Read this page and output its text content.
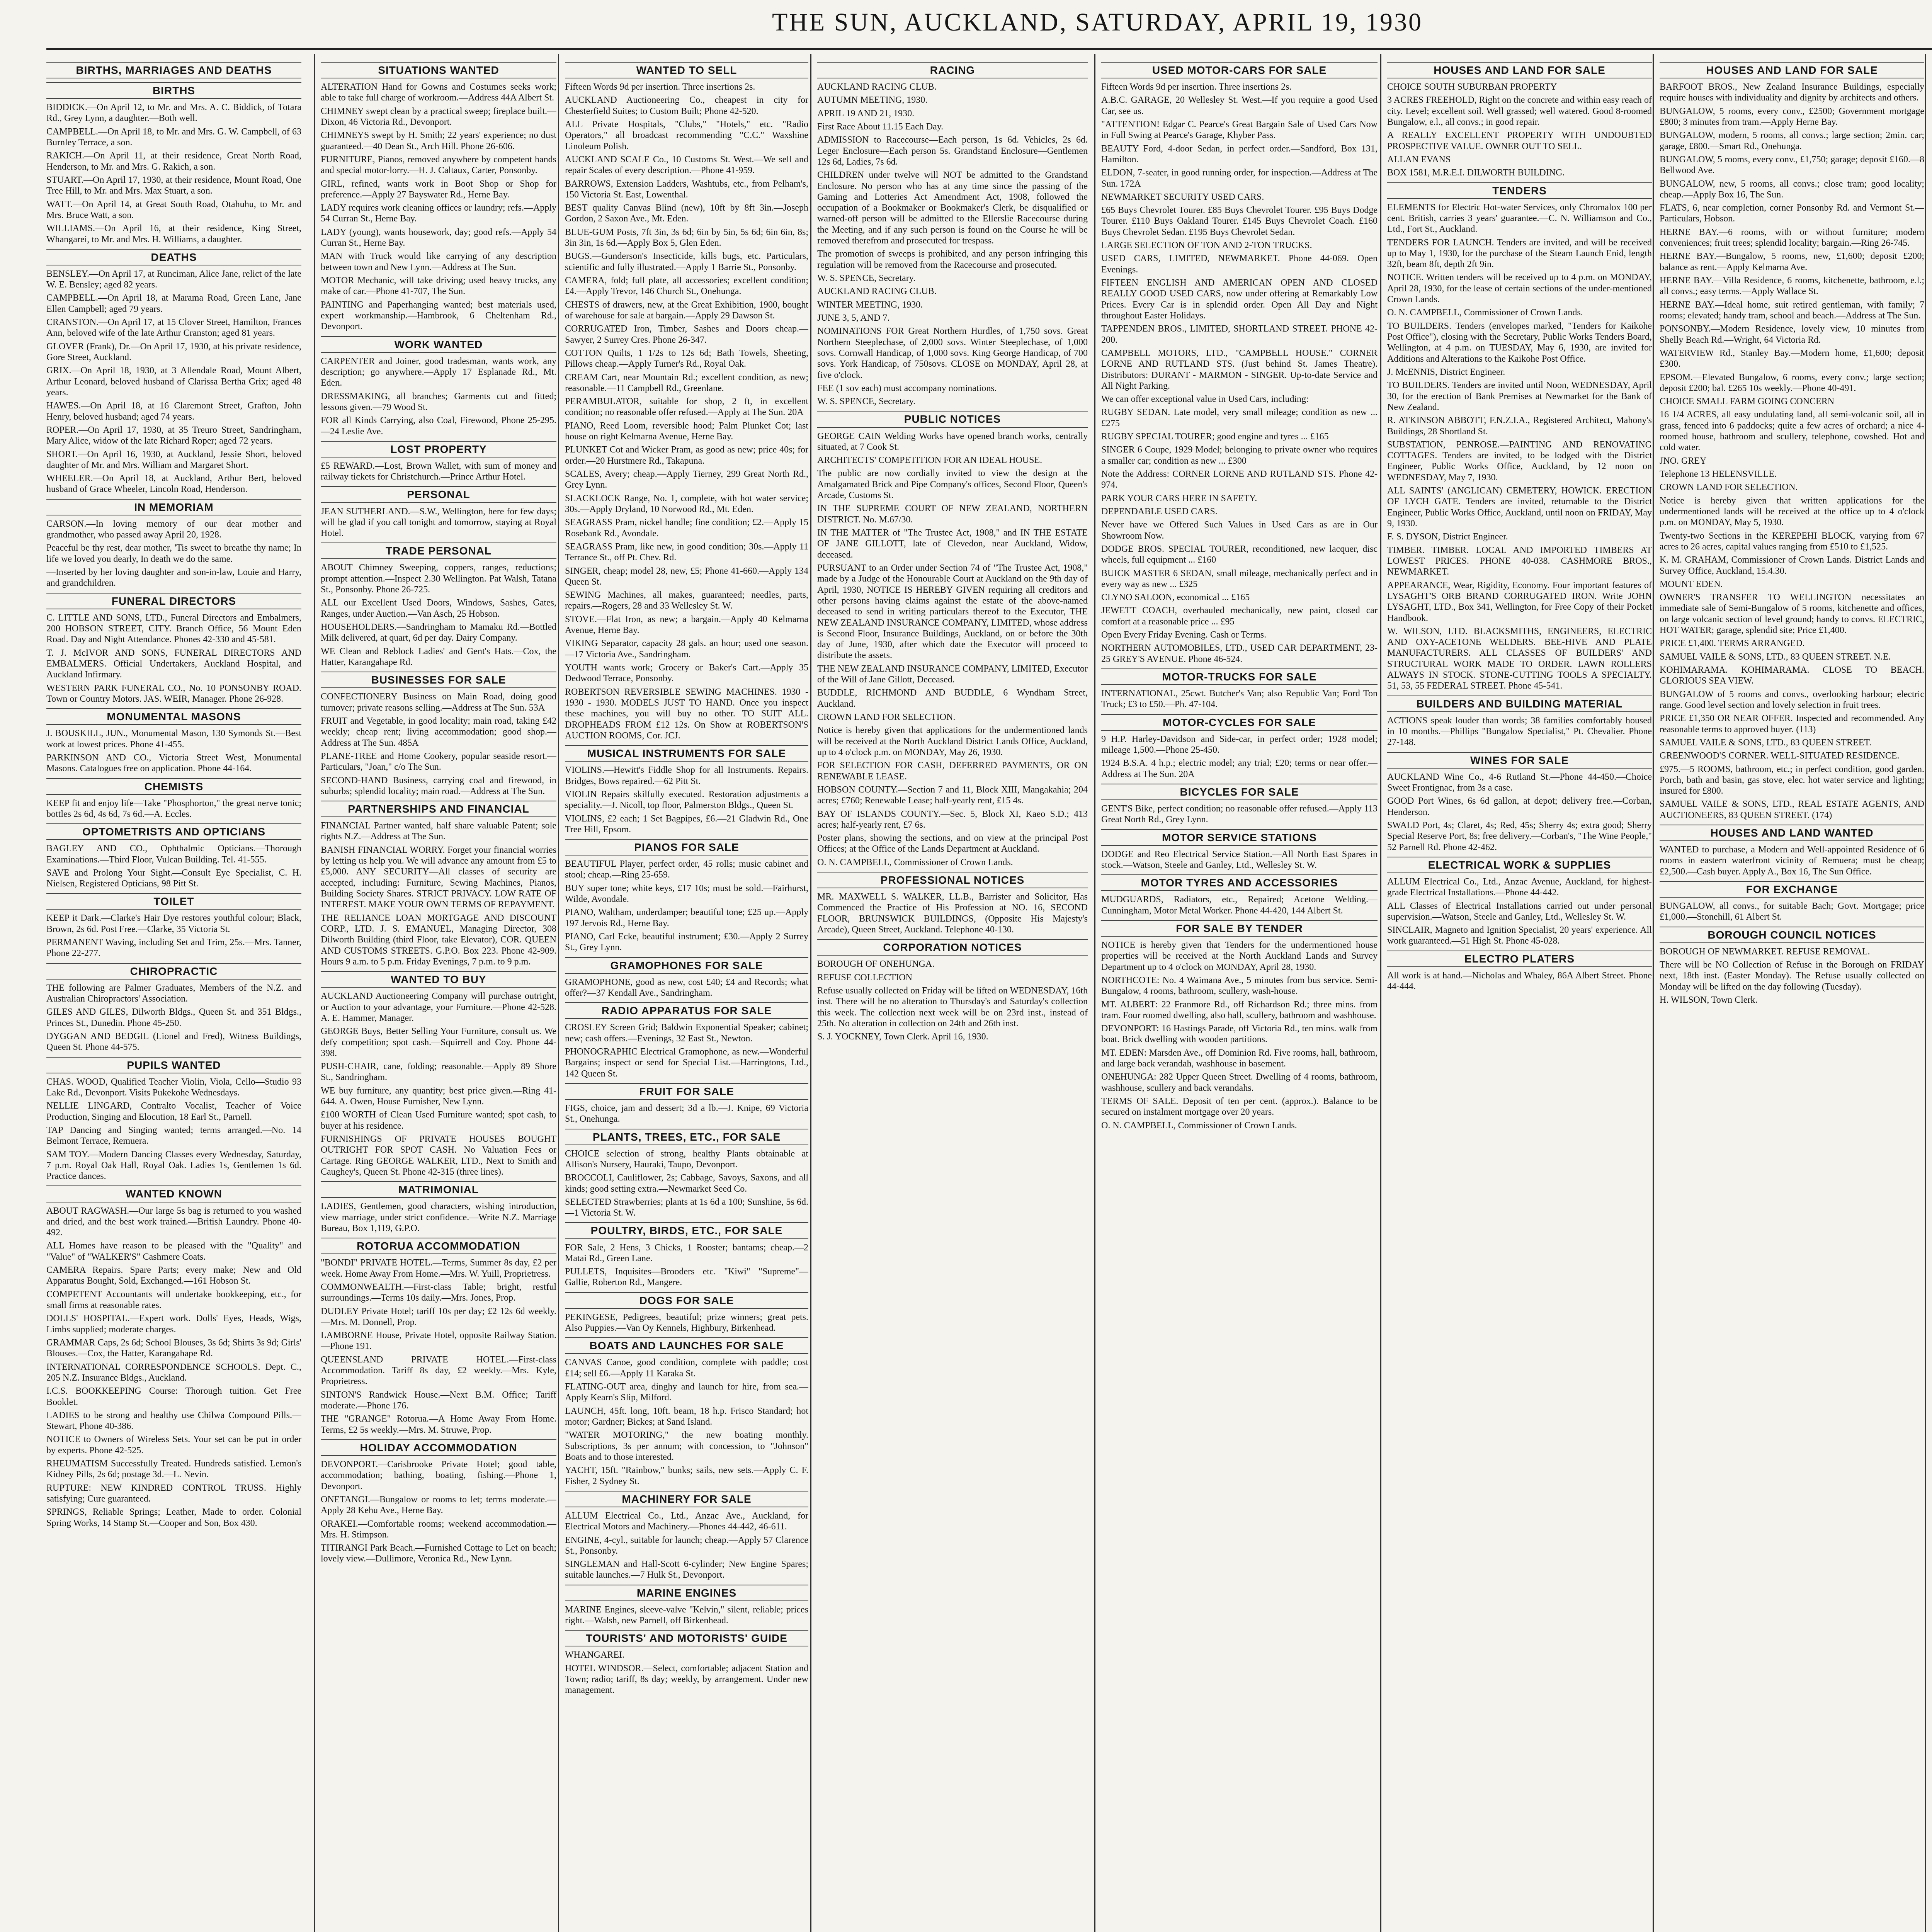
THE SUN, AUCKLAND, SATURDAY, APRIL 19, 1930
BIRTHS, MARRIAGES AND DEATHS
BIRTHS
BIDDICK.—On April 12, to Mr. and Mrs. A. C. Biddick, of Totara Rd., Grey Lynn, a daughter.—Both well.
CAMPBELL.—On April 18, to Mr. and Mrs. G. W. Campbell, of 63 Burnley Terrace, a son.
RAKICH.—On April 11, at their residence, Great North Road, Henderson, to Mr. and Mrs. G. Rakich, a son.
STUART.—On April 17, 1930, at their residence, Mount Road, One Tree Hill, to Mr. and Mrs. Max Stuart, a son.
WATT.—On April 14, at Great South Road, Otahuhu, to Mr. and Mrs. Bruce Watt, a son.
WILLIAMS.—On April 16, at their residence, King Street, Whangarei, to Mr. and Mrs. H. Williams, a daughter.
DEATHS
BENSLEY.—On April 17, at Runciman, Alice Jane, relict of the late W. E. Bensley; aged 82 years.
CAMPBELL.—On April 18, at Marama Road, Green Lane, Jane Ellen Campbell; aged 79 years.
CRANSTON.—On April 17, at 15 Clover Street, Hamilton, Frances Ann, beloved wife of the late Arthur Cranston; aged 81 years.
GLOVER (Frank), Dr.—On April 17, 1930, at his private residence, Gore Street, Auckland.
GRIX.—On April 18, 1930, at 3 Allendale Road, Mount Albert, Arthur Leonard, beloved husband of Clarissa Bertha Grix; aged 48 years.
HAWES.—On April 18, at 16 Claremont Street, Grafton, John Henry, beloved husband; aged 74 years.
ROPER.—On April 17, 1930, at 35 Treuro Street, Sandringham, Mary Alice, widow of the late Richard Roper; aged 72 years.
SHORT.—On April 16, 1930, at Auckland, Jessie Short, beloved daughter of Mr. and Mrs. William and Margaret Short.
WHEELER.—On April 18, at Auckland, Arthur Bert, beloved husband of Grace Wheeler, Lincoln Road, Henderson.
IN MEMORIAM
CARSON.—In loving memory of our dear mother and grandmother, who passed away April 20, 1928.
Peaceful be thy rest, dear mother, 'Tis sweet to breathe thy name; In life we loved you dearly, In death we do the same.
—Inserted by her loving daughter and son-in-law, Louie and Harry, and grandchildren.
FUNERAL DIRECTORS
C. LITTLE AND SONS, LTD., Funeral Directors and Embalmers, 200 HOBSON STREET, CITY. Branch Office, 56 Mount Eden Road. Day and Night Attendance. Phones 42-330 and 45-581.
T. J. McIVOR AND SONS, FUNERAL DIRECTORS AND EMBALMERS. Official Undertakers, Auckland Hospital, and Auckland Infirmary.
WESTERN PARK FUNERAL CO., No. 10 PONSONBY ROAD. Town or Country Motors. JAS. WEIR, Manager. Phone 26-928.
MONUMENTAL MASONS
J. BOUSKILL, JUN., Monumental Mason, 130 Symonds St.—Best work at lowest prices. Phone 41-455.
PARKINSON AND CO., Victoria Street West, Monumental Masons. Catalogues free on application. Phone 44-164.
CHEMISTS
KEEP fit and enjoy life—Take "Phosphorton," the great nerve tonic; bottles 2s 6d, 4s 6d, 7s 6d.—A. Eccles.
OPTOMETRISTS AND OPTICIANS
BAGLEY AND CO., Ophthalmic Opticians.—Thorough Examinations.—Third Floor, Vulcan Building. Tel. 41-555.
SAVE and Prolong Your Sight.—Consult Eye Specialist, C. H. Nielsen, Registered Opticians, 98 Pitt St.
TOILET
KEEP it Dark.—Clarke's Hair Dye restores youthful colour; Black, Brown, 2s 6d. Post Free.—Clarke, 35 Victoria St.
PERMANENT Waving, including Set and Trim, 25s.—Mrs. Tanner, Phone 22-277.
CHIROPRACTIC
THE following are Palmer Graduates, Members of the N.Z. and Australian Chiropractors' Association.
GILES AND GILES, Dilworth Bldgs., Queen St. and 351 Bldgs., Princes St., Dunedin. Phone 45-250.
DYGGAN AND BEDGIL (Lionel and Fred), Witness Buildings, Queen St. Phone 44-575.
PUPILS WANTED
CHAS. WOOD, Qualified Teacher Violin, Viola, Cello—Studio 93 Lake Rd., Devonport. Visits Pukekohe Wednesdays.
NELLIE LINGARD, Contralto Vocalist, Teacher of Voice Production, Singing and Elocution, 18 Earl St., Parnell.
TAP Dancing and Singing wanted; terms arranged.—No. 14 Belmont Terrace, Remuera.
SAM TOY.—Modern Dancing Classes every Wednesday, Saturday, 7 p.m. Royal Oak Hall, Royal Oak. Ladies 1s, Gentlemen 1s 6d. Practice dances.
WANTED KNOWN
ABOUT RAGWASH.—Our large 5s bag is returned to you washed and dried, and the best work trained.—British Laundry. Phone 40-492.
ALL Homes have reason to be pleased with the "Quality" and "Value" of "WALKER'S" Cashmere Coats.
CAMERA Repairs. Spare Parts; every make; New and Old Apparatus Bought, Sold, Exchanged.—161 Hobson St.
COMPETENT Accountants will undertake bookkeeping, etc., for small firms at reasonable rates.
DOLLS' HOSPITAL.—Expert work. Dolls' Eyes, Heads, Wigs, Limbs supplied; moderate charges.
GRAMMAR Caps, 2s 6d; School Blouses, 3s 6d; Shirts 3s 9d; Girls' Blouses.—Cox, the Hatter, Karangahape Rd.
INTERNATIONAL CORRESPONDENCE SCHOOLS. Dept. C., 205 N.Z. Insurance Bldgs., Auckland.
I.C.S. BOOKKEEPING Course: Thorough tuition. Get Free Booklet.
LADIES to be strong and healthy use Chilwa Compound Pills.—Stewart, Phone 40-386.
NOTICE to Owners of Wireless Sets. Your set can be put in order by experts. Phone 42-525.
RHEUMATISM Successfully Treated. Hundreds satisfied. Lemon's Kidney Pills, 2s 6d; postage 3d.—L. Nevin.
RUPTURE: NEW KINDRED CONTROL TRUSS. Highly satisfying; Cure guaranteed.
SPRINGS, Reliable Springs; Leather, Made to order. Colonial Spring Works, 14 Stamp St.—Cooper and Son, Box 430.
SITUATIONS WANTED
ALTERATION Hand for Gowns and Costumes seeks work; able to take full charge of workroom.—Address 44A Albert St.
CHIMNEY swept clean by a practical sweep; fireplace built.—Dixon, 46 Victoria Rd., Devonport.
CHIMNEYS swept by H. Smith; 22 years' experience; no dust guaranteed.—40 Dean St., Arch Hill. Phone 26-606.
FURNITURE, Pianos, removed anywhere by competent hands and special motor-lorry.—H. J. Caltaux, Carter, Ponsonby.
GIRL, refined, wants work in Boot Shop or Shop for preference.—Apply 27 Bayswater Rd., Herne Bay.
LADY requires work cleaning offices or laundry; refs.—Apply 54 Curran St., Herne Bay.
LADY (young), wants housework, day; good refs.—Apply 54 Curran St., Herne Bay.
MAN with Truck would like carrying of any description between town and New Lynn.—Address at The Sun.
MOTOR Mechanic, will take driving; used heavy trucks, any make of car.—Phone 41-707, The Sun.
PAINTING and Paperhanging wanted; best materials used, expert workmanship.—Hambrook, 6 Cheltenham Rd., Devonport.
WORK WANTED
CARPENTER and Joiner, good tradesman, wants work, any description; go anywhere.—Apply 17 Esplanade Rd., Mt. Eden.
DRESSMAKING, all branches; Garments cut and fitted; lessons given.—79 Wood St.
FOR all Kinds Carrying, also Coal, Firewood, Phone 25-295.—24 Leslie Ave.
LOST PROPERTY
£5 REWARD.—Lost, Brown Wallet, with sum of money and railway tickets for Christchurch.—Prince Arthur Hotel.
PERSONAL
JEAN SUTHERLAND.—S.W., Wellington, here for few days; will be glad if you call tonight and tomorrow, staying at Royal Hotel.
TRADE PERSONAL
ABOUT Chimney Sweeping, coppers, ranges, reductions; prompt attention.—Inspect 2.30 Wellington. Pat Walsh, Tatana St., Ponsonby. Phone 26-725.
ALL our Excellent Used Doors, Windows, Sashes, Gates, Ranges, under Auction.—Van Asch, 25 Hobson.
HOUSEHOLDERS.—Sandringham to Mamaku Rd.—Bottled Milk delivered, at quart, 6d per day. Dairy Company.
WE Clean and Reblock Ladies' and Gent's Hats.—Cox, the Hatter, Karangahape Rd.
BUSINESSES FOR SALE
CONFECTIONERY Business on Main Road, doing good turnover; private reasons selling.—Address at The Sun. 53A
FRUIT and Vegetable, in good locality; main road, taking £42 weekly; cheap rent; living accommodation; good shop.—Address at The Sun. 485A
PLANE-TREE and Home Cookery, popular seaside resort.—Particulars, "Joan," c/o The Sun.
SECOND-HAND Business, carrying coal and firewood, in suburbs; splendid locality; main road.—Address at The Sun.
PARTNERSHIPS AND FINANCIAL
FINANCIAL Partner wanted, half share valuable Patent; sole rights N.Z.—Address at The Sun.
BANISH FINANCIAL WORRY. Forget your financial worries by letting us help you. We will advance any amount from £5 to £5,000. ANY SECURITY—All classes of security are accepted, including: Furniture, Sewing Machines, Pianos, Building Society Shares. STRICT PRIVACY. LOW RATE OF INTEREST. MAKE YOUR OWN TERMS OF REPAYMENT.
THE RELIANCE LOAN MORTGAGE AND DISCOUNT CORP., LTD. J. S. EMANUEL, Managing Director, 308 Dilworth Building (third Floor, take Elevator), COR. QUEEN AND CUSTOMS STREETS. G.P.O. Box 223. Phone 42-909. Hours 9 a.m. to 5 p.m. Friday Evenings, 7 p.m. to 9 p.m.
WANTED TO BUY
AUCKLAND Auctioneering Company will purchase outright, or Auction to your advantage, your Furniture.—Phone 42-528. A. E. Hammer, Manager.
GEORGE Buys, Better Selling Your Furniture, consult us. We defy competition; spot cash.—Squirrell and Coy. Phone 44-398.
PUSH-CHAIR, cane, folding; reasonable.—Apply 89 Shore St., Sandringham.
WE buy furniture, any quantity; best price given.—Ring 41-644. A. Owen, House Furnisher, New Lynn.
£100 WORTH of Clean Used Furniture wanted; spot cash, to buyer at his residence.
FURNISHINGS OF PRIVATE HOUSES BOUGHT OUTRIGHT FOR SPOT CASH. No Valuation Fees or Cartage. Ring GEORGE WALKER, LTD., Next to Smith and Caughey's, Queen St. Phone 42-315 (three lines).
MATRIMONIAL
LADIES, Gentlemen, good characters, wishing introduction, view marriage, under strict confidence.—Write N.Z. Marriage Bureau, Box 1,119, G.P.O.
ROTORUA ACCOMMODATION
"BONDI" PRIVATE HOTEL.—Terms, Summer 8s day, £2 per week. Home Away From Home.—Mrs. W. Yuill, Proprietress.
COMMONWEALTH.—First-class Table; bright, restful surroundings.—Terms 10s daily.—Mrs. Jones, Prop.
DUDLEY Private Hotel; tariff 10s per day; £2 12s 6d weekly.—Mrs. M. Donnell, Prop.
LAMBORNE House, Private Hotel, opposite Railway Station.—Phone 191.
QUEENSLAND PRIVATE HOTEL.—First-class Accommodation. Tariff 8s day, £2 weekly.—Mrs. Kyle, Proprietress.
SINTON'S Randwick House.—Next B.M. Office; Tariff moderate.—Phone 176.
THE "GRANGE" Rotorua.—A Home Away From Home. Terms, £2 5s weekly.—Mrs. M. Struwe, Prop.
HOLIDAY ACCOMMODATION
DEVONPORT.—Carisbrooke Private Hotel; good table, accommodation; bathing, boating, fishing.—Phone 1, Devonport.
ONETANGI.—Bungalow or rooms to let; terms moderate.—Apply 28 Kehu Ave., Herne Bay.
ORAKEI.—Comfortable rooms; weekend accommodation.—Mrs. H. Stimpson.
TITIRANGI Park Beach.—Furnished Cottage to Let on beach; lovely view.—Dullimore, Veronica Rd., New Lynn.
WANTED TO SELL
Fifteen Words 9d per insertion. Three insertions 2s.
AUCKLAND Auctioneering Co., cheapest in city for Chesterfield Suites; to Custom Built; Phone 42-520.
ALL Private Hospitals, "Clubs," "Hotels," etc. "Radio Operators," all broadcast recommending "C.C." Waxshine Linoleum Polish.
AUCKLAND SCALE Co., 10 Customs St. West.—We sell and repair Scales of every description.—Phone 41-959.
BARROWS, Extension Ladders, Washtubs, etc., from Pelham's, 150 Victoria St. East, Lowenthal.
BEST quality Canvas Blind (new), 10ft by 8ft 3in.—Joseph Gordon, 2 Saxon Ave., Mt. Eden.
BLUE-GUM Posts, 7ft 3in, 3s 6d; 6in by 5in, 5s 6d; 6in 6in, 8s; 3in 3in, 1s 6d.—Apply Box 5, Glen Eden.
BUGS.—Gunderson's Insecticide, kills bugs, etc. Particulars, scientific and fully illustrated.—Apply 1 Barrie St., Ponsonby.
CAMERA, fold; full plate, all accessories; excellent condition; £4.—Apply Trevor, 146 Church St., Onehunga.
CHESTS of drawers, new, at the Great Exhibition, 1900, bought of warehouse for sale at bargain.—Apply 29 Dawson St.
CORRUGATED Iron, Timber, Sashes and Doors cheap.—Sawyer, 2 Surrey Cres. Phone 26-347.
COTTON Quilts, 1 1/2s to 12s 6d; Bath Towels, Sheeting, Pillows cheap.—Apply Turner's Rd., Royal Oak.
CREAM Cart, near Mountain Rd.; excellent condition, as new; reasonable.—11 Campbell Rd., Greenlane.
PERAMBULATOR, suitable for shop, 2 ft, in excellent condition; no reasonable offer refused.—Apply at The Sun. 20A
PIANO, Reed Loom, reversible hood; Palm Plunket Cot; last house on right Kelmarna Avenue, Herne Bay.
PLUNKET Cot and Wicker Pram, as good as new; price 40s; for order.—20 Hurstmere Rd., Takapuna.
SCALES, Avery; cheap.—Apply Tierney, 299 Great North Rd., Grey Lynn.
SLACKLOCK Range, No. 1, complete, with hot water service; 30s.—Apply Dryland, 10 Norwood Rd., Mt. Eden.
SEAGRASS Pram, nickel handle; fine condition; £2.—Apply 15 Rosebank Rd., Avondale.
SEAGRASS Pram, like new, in good condition; 30s.—Apply 11 Terrance St., off Pt. Chev. Rd.
SINGER, cheap; model 28, new, £5; Phone 41-660.—Apply 134 Queen St.
SEWING Machines, all makes, guaranteed; needles, parts, repairs.—Rogers, 28 and 33 Wellesley St. W.
STOVE.—Flat Iron, as new; a bargain.—Apply 40 Kelmarna Avenue, Herne Bay.
VIKING Separator, capacity 28 gals. an hour; used one season.—17 Victoria Ave., Sandringham.
YOUTH wants work; Grocery or Baker's Cart.—Apply 35 Dedwood Terrace, Ponsonby.
ROBERTSON REVERSIBLE SEWING MACHINES. 1930 - 1930 - 1930. MODELS JUST TO HAND. Once you inspect these machines, you will buy no other. TO SUIT ALL. DROPHEADS FROM £12 12s. On Show at ROBERTSON'S AUCTION ROOMS, Cor. JCJ.
MUSICAL INSTRUMENTS FOR SALE
VIOLINS.—Hewitt's Fiddle Shop for all Instruments. Repairs. Bridges, Bows repaired.—62 Pitt St.
VIOLIN Repairs skilfully executed. Restoration adjustments a speciality.—J. Nicoll, top floor, Palmerston Bldgs., Queen St.
VIOLINS, £2 each; 1 Set Bagpipes, £6.—21 Gladwin Rd., One Tree Hill, Epsom.
PIANOS FOR SALE
BEAUTIFUL Player, perfect order, 45 rolls; music cabinet and stool; cheap.—Ring 25-659.
BUY super tone; white keys, £17 10s; must be sold.—Fairhurst, Wilde, Avondale.
PIANO, Waltham, underdamper; beautiful tone; £25 up.—Apply 197 Jervois Rd., Herne Bay.
PIANO, Carl Ecke, beautiful instrument; £30.—Apply 2 Surrey St., Grey Lynn.
GRAMOPHONES FOR SALE
GRAMOPHONE, good as new, cost £40; £4 and Records; what offer?—37 Kendall Ave., Sandringham.
RADIO APPARATUS FOR SALE
CROSLEY Screen Grid; Baldwin Exponential Speaker; cabinet; new; cash offers.—Evenings, 32 East St., Newton.
PHONOGRAPHIC Electrical Gramophone, as new.—Wonderful Bargains; inspect or send for Special List.—Harringtons, Ltd., 142 Queen St.
FRUIT FOR SALE
FIGS, choice, jam and dessert; 3d a lb.—J. Knipe, 69 Victoria St., Onehunga.
PLANTS, TREES, ETC., FOR SALE
CHOICE selection of strong, healthy Plants obtainable at Allison's Nursery, Hauraki, Taupo, Devonport.
BROCCOLI, Cauliflower, 2s; Cabbage, Savoys, Saxons, and all kinds; good setting extra.—Newmarket Seed Co.
SELECTED Strawberries; plants at 1s 6d a 100; Sunshine, 5s 6d.—1 Victoria St. W.
POULTRY, BIRDS, ETC., FOR SALE
FOR Sale, 2 Hens, 3 Chicks, 1 Rooster; bantams; cheap.—2 Matai Rd., Green Lane.
PULLETS, Inquisites—Brooders etc. "Kiwi" "Supreme"—Gallie, Roberton Rd., Mangere.
DOGS FOR SALE
PEKINGESE, Pedigrees, beautiful; prize winners; great pets. Also Puppies.—Van Oy Kennels, Highbury, Birkenhead.
BOATS AND LAUNCHES FOR SALE
CANVAS Canoe, good condition, complete with paddle; cost £14; sell £6.—Apply 11 Karaka St.
FLATING-OUT area, dinghy and launch for hire, from sea.—Apply Kearn's Slip, Milford.
LAUNCH, 45ft. long, 10ft. beam, 18 h.p. Frisco Standard; hot motor; Gardner; Bickes; at Sand Island.
"WATER MOTORING," the new boating monthly. Subscriptions, 3s per annum; with concession, to "Johnson" Boats and to those interested.
YACHT, 15ft. "Rainbow," bunks; sails, new sets.—Apply C. F. Fisher, 2 Sydney St.
MACHINERY FOR SALE
ALLUM Electrical Co., Ltd., Anzac Ave., Auckland, for Electrical Motors and Machinery.—Phones 44-442, 46-611.
ENGINE, 4-cyl., suitable for launch; cheap.—Apply 57 Clarence St., Ponsonby.
SINGLEMAN and Hall-Scott 6-cylinder; New Engine Spares; suitable launches.—7 Hulk St., Devonport.
MARINE ENGINES
MARINE Engines, sleeve-valve "Kelvin," silent, reliable; prices right.—Walsh, new Parnell, off Birkenhead.
TOURISTS' AND MOTORISTS' GUIDE
WHANGAREI.
HOTEL WINDSOR.—Select, comfortable; adjacent Station and Town; radio; tariff, 8s day; weekly, by arrangement. Under new management.
RACING
AUCKLAND RACING CLUB.
AUTUMN MEETING, 1930.
APRIL 19 AND 21, 1930.
First Race About 11.15 Each Day.
ADMISSION to Racecourse—Each person, 1s 6d. Vehicles, 2s 6d. Leger Enclosure—Each person 5s. Grandstand Enclosure—Gentlemen 12s 6d, Ladies, 7s 6d.
CHILDREN under twelve will NOT be admitted to the Grandstand Enclosure. No person who has at any time since the passing of the Gaming and Lotteries Act Amendment Act, 1908, followed the occupation of a Bookmaker or Bookmaker's Clerk, be disqualified or warned-off person will be admitted to the Ellerslie Racecourse during the Meeting, and if any such person is found on the Course he will be removed therefrom and prosecuted for trespass.
The promotion of sweeps is prohibited, and any person infringing this regulation will be removed from the Racecourse and prosecuted.
W. S. SPENCE, Secretary.
AUCKLAND RACING CLUB.
WINTER MEETING, 1930.
JUNE 3, 5, AND 7.
NOMINATIONS FOR Great Northern Hurdles, of 1,750 sovs. Great Northern Steeplechase, of 2,000 sovs. Winter Steeplechase, of 1,000 sovs. Cornwall Handicap, of 1,000 sovs. King George Handicap, of 700 sovs. York Handicap, of 750sovs. CLOSE on MONDAY, April 28, at five o'clock.
FEE (1 sov each) must accompany nominations.
W. S. SPENCE, Secretary.
PUBLIC NOTICES
GEORGE CAIN Welding Works have opened branch works, centrally situated, at 7 Cook St.
ARCHITECTS' COMPETITION FOR AN IDEAL HOUSE.
The public are now cordially invited to view the design at the Amalgamated Brick and Pipe Company's offices, Second Floor, Queen's Arcade, Customs St.
IN THE SUPREME COURT OF NEW ZEALAND, NORTHERN DISTRICT. No. M.67/30.
IN THE MATTER of "The Trustee Act, 1908," and IN THE ESTATE OF JANE GILLOTT, late of Clevedon, near Auckland, Widow, deceased.
PURSUANT to an Order under Section 74 of "The Trustee Act, 1908," made by a Judge of the Honourable Court at Auckland on the 9th day of April, 1930, NOTICE IS HEREBY GIVEN requiring all creditors and other persons having claims against the estate of the above-named deceased to send in writing particulars thereof to the Executor, THE NEW ZEALAND INSURANCE COMPANY, LIMITED, whose address is Second Floor, Insurance Buildings, Auckland, on or before the 30th day of June, 1930, after which date the Executor will proceed to distribute the assets.
THE NEW ZEALAND INSURANCE COMPANY, LIMITED, Executor of the Will of Jane Gillott, Deceased.
BUDDLE, RICHMOND AND BUDDLE, 6 Wyndham Street, Auckland.
CROWN LAND FOR SELECTION.
Notice is hereby given that applications for the undermentioned lands will be received at the North Auckland District Lands Office, Auckland, up to 4 o'clock p.m. on MONDAY, May 26, 1930.
FOR SELECTION FOR CASH, DEFERRED PAYMENTS, OR ON RENEWABLE LEASE.
HOBSON COUNTY.—Section 7 and 11, Block XIII, Mangakahia; 204 acres; £760; Renewable Lease; half-yearly rent, £15 4s.
BAY OF ISLANDS COUNTY.—Sec. 5, Block XI, Kaeo S.D.; 413 acres; half-yearly rent, £7 6s.
Poster plans, showing the sections, and on view at the principal Post Offices; at the Office of the Lands Department at Auckland.
O. N. CAMPBELL, Commissioner of Crown Lands.
PROFESSIONAL NOTICES
MR. MAXWELL S. WALKER, LL.B., Barrister and Solicitor, Has Commenced the Practice of His Profession at NO. 16, SECOND FLOOR, BRUNSWICK BUILDINGS, (Opposite His Majesty's Arcade), Queen Street, Auckland. Telephone 40-130.
CORPORATION NOTICES
BOROUGH OF ONEHUNGA.
REFUSE COLLECTION
Refuse usually collected on Friday will be lifted on WEDNESDAY, 16th inst. There will be no alteration to Thursday's and Saturday's collection this week. The collection next week will be on 23rd inst., instead of 25th. No alteration in collection on 24th and 26th inst.
S. J. YOCKNEY, Town Clerk. April 16, 1930.
USED MOTOR-CARS FOR SALE
Fifteen Words 9d per insertion. Three insertions 2s.
A.B.C. GARAGE, 20 Wellesley St. West.—If you require a good Used Car, see us.
"ATTENTION! Edgar C. Pearce's Great Bargain Sale of Used Cars Now in Full Swing at Pearce's Garage, Khyber Pass.
BEAUTY Ford, 4-door Sedan, in perfect order.—Sandford, Box 131, Hamilton.
ELDON, 7-seater, in good running order, for inspection.—Address at The Sun. 172A
NEWMARKET SECURITY USED CARS.
£65 Buys Chevrolet Tourer. £85 Buys Chevrolet Tourer. £95 Buys Dodge Tourer. £110 Buys Oakland Tourer. £145 Buys Chevrolet Coach. £160 Buys Chevrolet Sedan. £195 Buys Chevrolet Sedan.
LARGE SELECTION OF TON AND 2-TON TRUCKS.
USED CARS, LIMITED, NEWMARKET. Phone 44-069. Open Evenings.
FIFTEEN ENGLISH AND AMERICAN OPEN AND CLOSED REALLY GOOD USED CARS, now under offering at Remarkably Low Prices. Every Car is in splendid order. Open All Day and Night throughout Easter Holidays.
TAPPENDEN BROS., LIMITED, SHORTLAND STREET. PHONE 42-200.
CAMPBELL MOTORS, LTD., "CAMPBELL HOUSE." CORNER LORNE AND RUTLAND STS. (Just behind St. James Theatre). Distributors: DURANT - MARMON - SINGER. Up-to-date Service and All Night Parking.
We can offer exceptional value in Used Cars, including:
RUGBY SEDAN. Late model, very small mileage; condition as new ... £275
RUGBY SPECIAL TOURER; good engine and tyres ... £165
SINGER 6 Coupe, 1929 Model; belonging to private owner who requires a smaller car; condition as new ... £300
Note the Address: CORNER LORNE AND RUTLAND STS. Phone 42-974.
PARK YOUR CARS HERE IN SAFETY.
DEPENDABLE USED CARS.
Never have we Offered Such Values in Used Cars as are in Our Showroom Now.
DODGE BROS. SPECIAL TOURER, reconditioned, new lacquer, disc wheels, full equipment ... £160
BUICK MASTER 6 SEDAN, small mileage, mechanically perfect and in every way as new ... £325
CLYNO SALOON, economical ... £165
JEWETT COACH, overhauled mechanically, new paint, closed car comfort at a reasonable price ... £95
Open Every Friday Evening. Cash or Terms.
NORTHERN AUTOMOBILES, LTD., USED CAR DEPARTMENT, 23-25 GREY'S AVENUE. Phone 46-524.
MOTOR-TRUCKS FOR SALE
INTERNATIONAL, 25cwt. Butcher's Van; also Republic Van; Ford Ton Truck; £3 to £50.—Ph. 47-104.
MOTOR-CYCLES FOR SALE
9 H.P. Harley-Davidson and Side-car, in perfect order; 1928 model; mileage 1,500.—Phone 25-450.
1924 B.S.A. 4 h.p.; electric model; any trial; £20; terms or near offer.—Address at The Sun. 20A
BICYCLES FOR SALE
GENT'S Bike, perfect condition; no reasonable offer refused.—Apply 113 Great North Rd., Grey Lynn.
MOTOR SERVICE STATIONS
DODGE and Reo Electrical Service Station.—All North East Spares in stock.—Watson, Steele and Ganley, Ltd., Wellesley St. W.
MOTOR TYRES AND ACCESSORIES
MUDGUARDS, Radiators, etc., Repaired; Acetone Welding.—Cunningham, Motor Metal Worker. Phone 44-420, 144 Albert St.
FOR SALE BY TENDER
NOTICE is hereby given that Tenders for the undermentioned house properties will be received at the North Auckland Lands and Survey Department up to 4 o'clock on MONDAY, April 28, 1930.
NORTHCOTE: No. 4 Waimana Ave., 5 minutes from bus service. Semi-Bungalow, 4 rooms, bathroom, scullery, wash-house.
MT. ALBERT: 22 Franmore Rd., off Richardson Rd.; three mins. from tram. Four roomed dwelling, also hall, scullery, bathroom and washhouse.
DEVONPORT: 16 Hastings Parade, off Victoria Rd., ten mins. walk from boat. Brick dwelling with wooden partitions.
MT. EDEN: Marsden Ave., off Dominion Rd. Five rooms, hall, bathroom, and large back verandah, washhouse in basement.
ONEHUNGA: 282 Upper Queen Street. Dwelling of 4 rooms, bathroom, washhouse, scullery and back verandahs.
TERMS OF SALE. Deposit of ten per cent. (approx.). Balance to be secured on instalment mortgage over 20 years.
O. N. CAMPBELL, Commissioner of Crown Lands.
HOUSES AND LAND FOR SALE
CHOICE SOUTH SUBURBAN PROPERTY
3 ACRES FREEHOLD, Right on the concrete and within easy reach of city. Level; excellent soil. Well grassed; well watered. Good 8-roomed Bungalow, e.l., all convs.; in good repair.
A REALLY EXCELLENT PROPERTY WITH UNDOUBTED PROSPECTIVE VALUE. OWNER OUT TO SELL.
ALLAN EVANS
BOX 1581, M.R.E.I. DILWORTH BUILDING.
TENDERS
ELEMENTS for Electric Hot-water Services, only Chromalox 100 per cent. British, carries 3 years' guarantee.—C. N. Williamson and Co., Ltd., Fort St., Auckland.
TENDERS FOR LAUNCH. Tenders are invited, and will be received up to May 1, 1930, for the purchase of the Steam Launch Enid, length 32ft, beam 8ft, depth 2ft 9in.
NOTICE. Written tenders will be received up to 4 p.m. on MONDAY, April 28, 1930, for the lease of certain sections of the under-mentioned Crown Lands.
O. N. CAMPBELL, Commissioner of Crown Lands.
TO BUILDERS. Tenders (envelopes marked, "Tenders for Kaikohe Post Office"), closing with the Secretary, Public Works Tenders Board, Wellington, at 4 p.m. on TUESDAY, May 6, 1930, are invited for Additions and Alterations to the Kaikohe Post Office.
J. McENNIS, District Engineer.
TO BUILDERS. Tenders are invited until Noon, WEDNESDAY, April 30, for the erection of Bank Premises at Newmarket for the Bank of New Zealand.
R. ATKINSON ABBOTT, F.N.Z.I.A., Registered Architect, Mahony's Buildings, 28 Shortland St.
SUBSTATION, PENROSE.—PAINTING AND RENOVATING COTTAGES. Tenders are invited, to be lodged with the District Engineer, Public Works Office, Auckland, by 12 noon on WEDNESDAY, May 7, 1930.
ALL SAINTS' (ANGLICAN) CEMETERY, HOWICK. ERECTION OF LYCH GATE. Tenders are invited, returnable to the District Engineer, Public Works Office, Auckland, until noon on FRIDAY, May 9, 1930.
F. S. DYSON, District Engineer.
TIMBER. TIMBER. LOCAL AND IMPORTED TIMBERS AT LOWEST PRICES. PHONE 40-038. CASHMORE BROS., NEWMARKET.
APPEARANCE, Wear, Rigidity, Economy. Four important features of LYSAGHT'S ORB BRAND CORRUGATED IRON. Write JOHN LYSAGHT, LTD., Box 341, Wellington, for Free Copy of their Pocket Handbook.
W. WILSON, LTD. BLACKSMITHS, ENGINEERS, ELECTRIC AND OXY-ACETONE WELDERS. BEE-HIVE AND PLATE MANUFACTURERS. ALL CLASSES OF BUILDERS' AND STRUCTURAL WORK MADE TO ORDER. LAWN ROLLERS ALWAYS IN STOCK. STONE-CUTTING TOOLS A SPECIALTY. 51, 53, 55 FEDERAL STREET. Phone 45-541.
BUILDERS AND BUILDING MATERIAL
ACTIONS speak louder than words; 38 families comfortably housed in 10 months.—Phillips "Bungalow Specialist," Pt. Chevalier. Phone 27-148.
WINES FOR SALE
AUCKLAND Wine Co., 4-6 Rutland St.—Phone 44-450.—Choice Sweet Frontignac, from 3s a case.
GOOD Port Wines, 6s 6d gallon, at depot; delivery free.—Corban, Henderson.
SWALD Port, 4s; Claret, 4s; Red, 45s; Sherry 4s; extra good; Sherry Special Reserve Port, 8s; free delivery.—Corban's, "The Wine People," 52 Parnell Rd. Phone 42-462.
ELECTRICAL WORK & SUPPLIES
ALLUM Electrical Co., Ltd., Anzac Avenue, Auckland, for highest-grade Electrical Installations.—Phone 44-442.
ALL Classes of Electrical Installations carried out under personal supervision.—Watson, Steele and Ganley, Ltd., Wellesley St. W.
SINCLAIR, Magneto and Ignition Specialist, 20 years' experience. All work guaranteed.—51 High St. Phone 45-028.
ELECTRO PLATERS
All work is at hand.—Nicholas and Whaley, 86A Albert Street. Phone 44-444.
HOUSES AND LAND FOR SALE
BARFOOT BROS., New Zealand Insurance Buildings, especially require houses with individuality and dignity by architects and others.
BUNGALOW, 5 rooms, every conv., £2500; Government mortgage £800; 3 minutes from tram.—Apply Herne Bay.
BUNGALOW, modern, 5 rooms, all convs.; large section; 2min. car; garage, £800.—Smart Rd., Onehunga.
BUNGALOW, 5 rooms, every conv., £1,750; garage; deposit £160.—8 Bellwood Ave.
BUNGALOW, new, 5 rooms, all convs.; close tram; good locality; cheap.—Apply Box 16, The Sun.
FLATS, 6, near completion, corner Ponsonby Rd. and Vermont St.—Particulars, Hobson.
HERNE BAY.—6 rooms, with or without furniture; modern conveniences; fruit trees; splendid locality; bargain.—Ring 26-745.
HERNE BAY.—Bungalow, 5 rooms, new, £1,600; deposit £200; balance as rent.—Apply Kelmarna Ave.
HERNE BAY.—Villa Residence, 6 rooms, kitchenette, bathroom, e.l.; all convs.; easy terms.—Apply Wallace St.
HERNE BAY.—Ideal home, suit retired gentleman, with family; 7 rooms; elevated; handy tram, school and beach.—Address at The Sun.
PONSONBY.—Modern Residence, lovely view, 10 minutes from Shelly Beach Rd.—Wright, 64 Victoria Rd.
WATERVIEW Rd., Stanley Bay.—Modern home, £1,600; deposit £300.
EPSOM.—Elevated Bungalow, 6 rooms, every conv.; large section; deposit £200; bal. £265 10s weekly.—Phone 40-491.
CHOICE SMALL FARM GOING CONCERN
16 1/4 ACRES, all easy undulating land, all semi-volcanic soil, all in grass, fenced into 6 paddocks; quite a few acres of orchard; a nice 4-roomed house, bathroom and scullery, telephone, cowshed. Hot and cold water.
JNO. GREY
Telephone 13 HELENSVILLE.
CROWN LAND FOR SELECTION.
Notice is hereby given that written applications for the undermentioned lands will be received at the office up to 4 o'clock p.m. on MONDAY, May 5, 1930.
Twenty-two Sections in the KEREPEHI BLOCK, varying from 67 acres to 26 acres, capital values ranging from £510 to £1,525.
K. M. GRAHAM, Commissioner of Crown Lands. District Lands and Survey Office, Auckland, 15.4.30.
MOUNT EDEN.
OWNER'S TRANSFER TO WELLINGTON necessitates an immediate sale of Semi-Bungalow of 5 rooms, kitchenette and offices, on large volcanic section of level ground; handy to convs. ELECTRIC, HOT WATER; garage, splendid site; Price £1,400.
PRICE £1,400. TERMS ARRANGED.
SAMUEL VAILE & SONS, LTD., 83 QUEEN STREET. N.E.
KOHIMARAMA. KOHIMARAMA. CLOSE TO BEACH. GLORIOUS SEA VIEW.
BUNGALOW of 5 rooms and convs., overlooking harbour; electric range. Good level section and lovely selection in fruit trees.
PRICE £1,350 OR NEAR OFFER. Inspected and recommended. Any reasonable terms to approved buyer. (113)
SAMUEL VAILE & SONS, LTD., 83 QUEEN STREET.
GREENWOOD'S CORNER. WELL-SITUATED RESIDENCE.
£975.—5 ROOMS, bathroom, etc.; in perfect condition, good garden. Porch, bath and basin, gas stove, elec. hot water service and lighting; insured for £800.
SAMUEL VAILE & SONS, LTD., REAL ESTATE AGENTS, AND AUCTIONEERS, 83 QUEEN STREET. (174)
HOUSES AND LAND WANTED
WANTED to purchase, a Modern and Well-appointed Residence of 6 rooms in eastern waterfront vicinity of Remuera; must be cheap; £2,500.—Cash buyer. Apply A., Box 16, The Sun Office.
FOR EXCHANGE
BUNGALOW, all convs., for suitable Bach; Govt. Mortgage; price £1,000.—Stonehill, 61 Albert St.
BOROUGH COUNCIL NOTICES
BOROUGH OF NEWMARKET. REFUSE REMOVAL.
There will be NO Collection of Refuse in the Borough on FRIDAY next, 18th inst. (Easter Monday). The Refuse usually collected on Monday will be lifted on the day following (Tuesday).
H. WILSON, Town Clerk.
